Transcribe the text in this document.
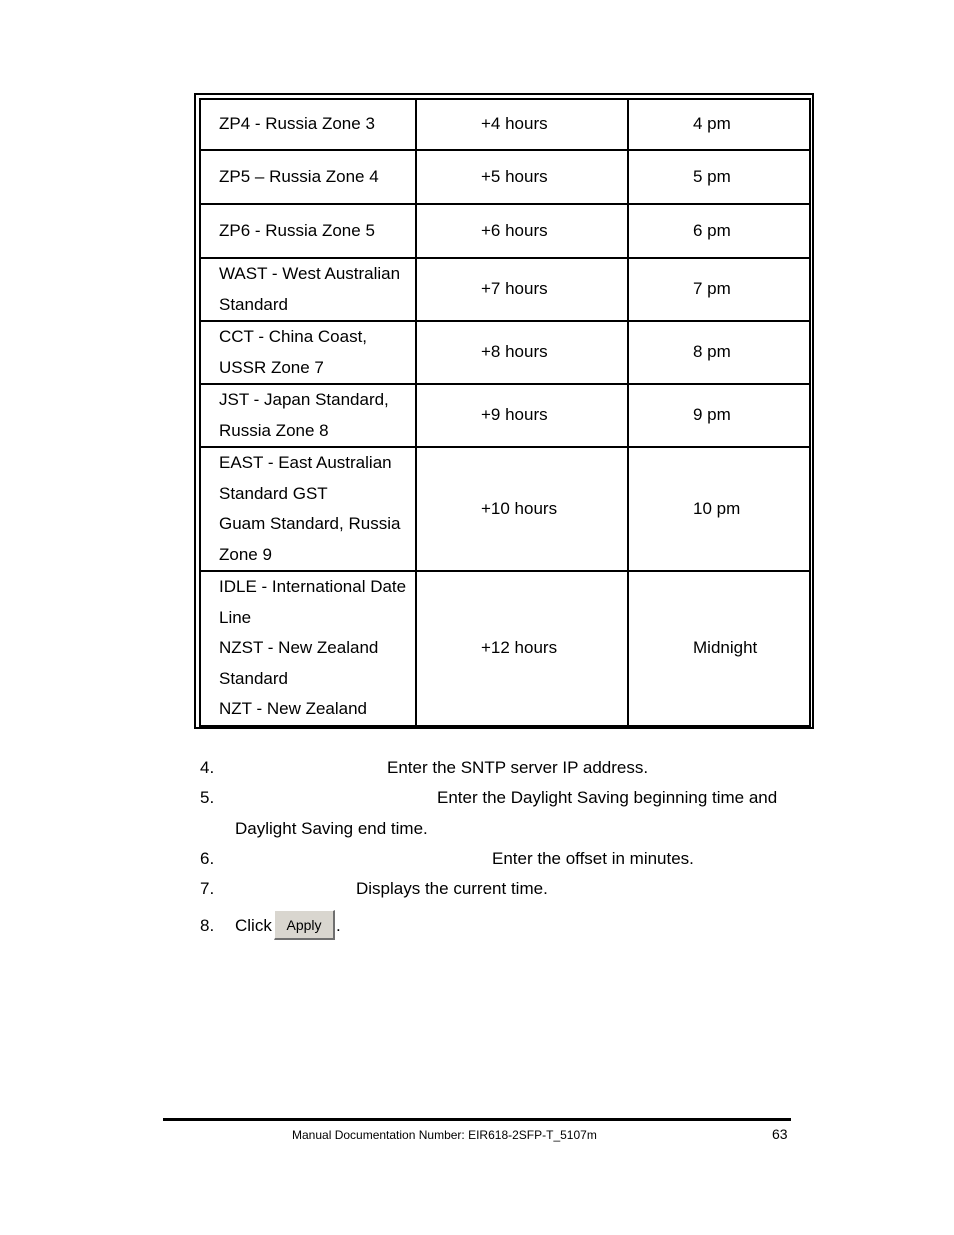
ZP4 - Russia Zone 3	+4 hours	4 pm

ZP5 – Russia Zone 4	+5 hours	5 pm

ZP6 - Russia Zone 5	+6 hours	6 pm

WAST - West Australian
Standard	+7 hours	7 pm

CCT - China Coast,
USSR Zone 7	+8 hours	8 pm

JST - Japan Standard,
Russia Zone 8	+9 hours	9 pm

EAST - East Australian
Standard GST
Guam Standard, Russia
Zone 9	+10 hours	10 pm

IDLE - International Date
Line
NZST - New Zealand
Standard
NZT - New Zealand	+12 hours	Midnight
4.	Enter the SNTP server IP address.
5.	Enter the Daylight Saving beginning time and
Daylight Saving end time.
6.	Enter the offset in minutes.
7.	Displays the current time.
8. Click	Apply .
Manual Documentation Number: EIR618-2SFP-T_5107m	63
